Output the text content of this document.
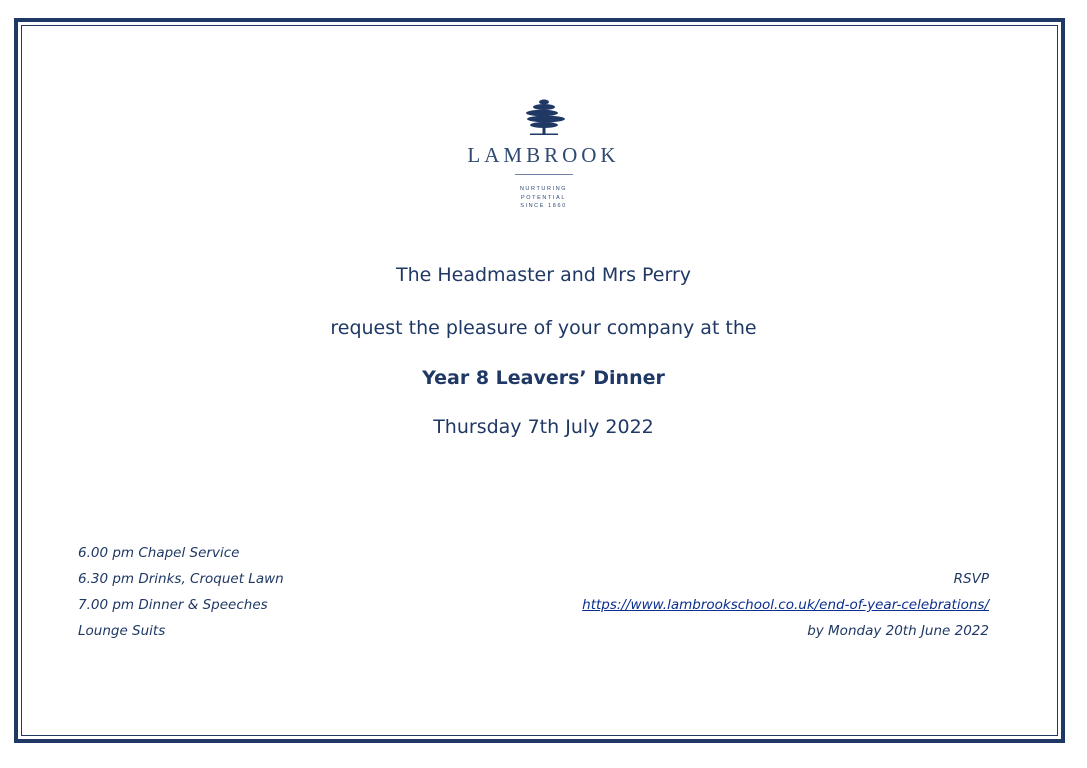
LAMBROOK
NURTURING
POTENTIAL
SINCE 1860
The Headmaster and Mrs Perry
request the pleasure of your company at the
Year 8 Leavers’ Dinner
Thursday 7th July 2022
6.00 pm Chapel Service
6.30 pm Drinks, Croquet Lawn
7.00 pm Dinner & Speeches
Lounge Suits
RSVP
https://www.lambrookschool.co.uk/end-of-year-celebrations/
by Monday 20th June 2022
